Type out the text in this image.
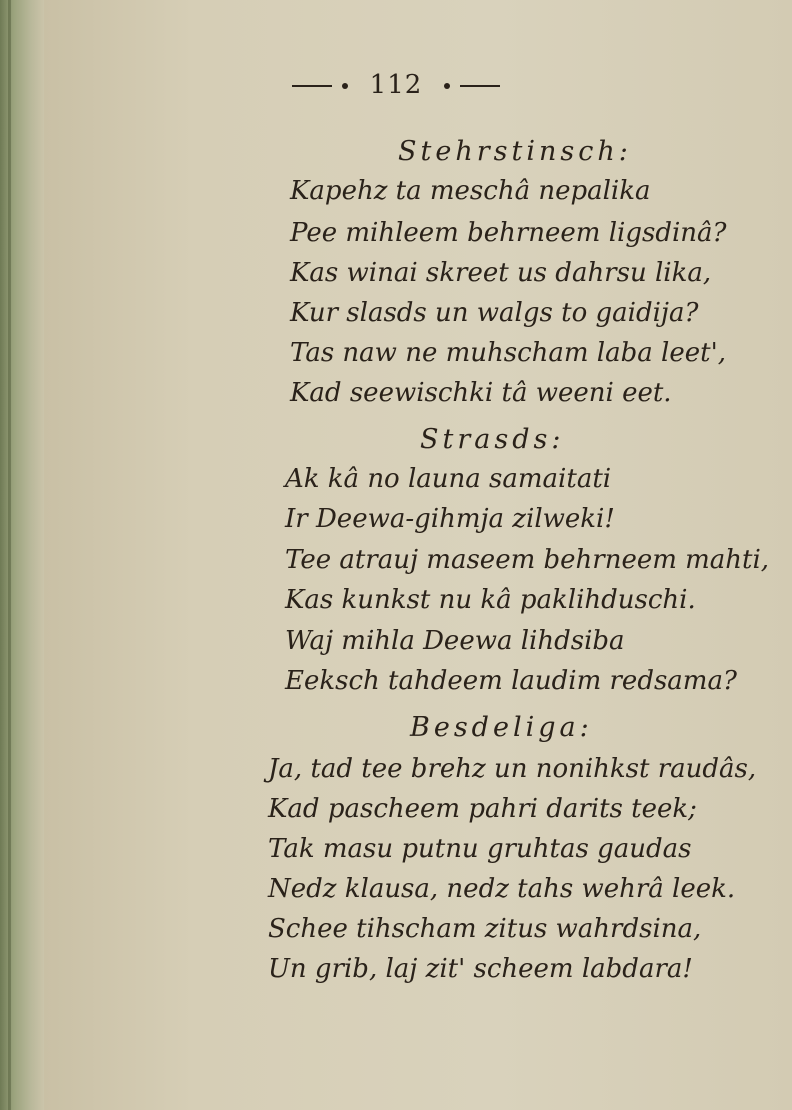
112
Stehrstinsch:
Kapehz ta meschâ nepalika
Pee mihleem behrneem ligsdinâ?
Kas winai skreet us dahrsu lika,
Kur slasds un walgs to gaidija?
Tas naw ne muhscham laba leet',
Kad seewischki tâ weeni eet.
Strasds:
Ak kâ no launa samaitati
Ir Deewa-gihmja zilweki!
Tee atrauj maseem behrneem mahti,
Kas kunkst nu kâ paklihduschi.
Waj mihla Deewa lihdsiba
Eeksch tahdeem laudim redsama?
Besdeliga:
Ja, tad tee brehz un nonihkst raudâs,
Kad pascheem pahri darits teek;
Tak masu putnu gruhtas gaudas
Nedz klausa, nedz tahs wehrâ leek.
Schee tihscham zitus wahrdsina,
Un grib, laj zit' scheem labdara!
